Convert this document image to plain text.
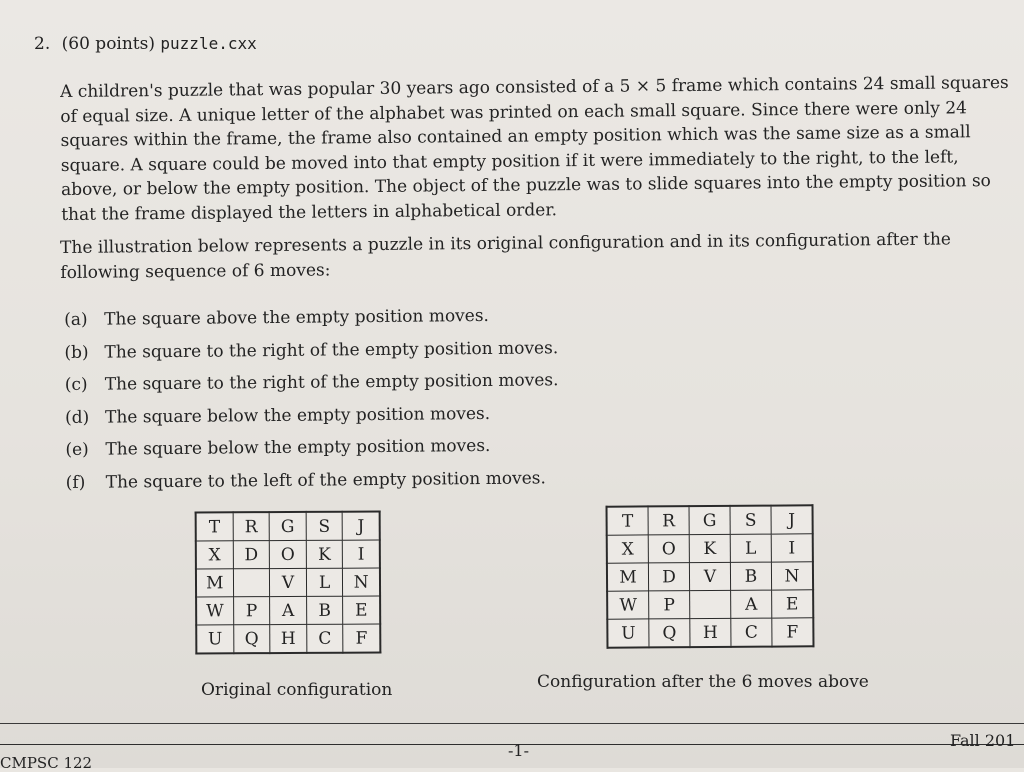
2. (60 points) puzzle.cxx

A children's puzzle that was popular 30 years ago consisted of a 5 × 5 frame which contains 24 small squares of equal size. A unique letter of the alphabet was printed on each small square. Since there were only 24 squares within the frame, the frame also contained an empty position which was the same size as a small square. A square could be moved into that empty position if it were immediately to the right, to the left, above, or below the empty position. The object of the puzzle was to slide squares into the empty position so that the frame displayed the letters in alphabetical order.

The illustration below represents a puzzle in its original configuration and in its configuration after the following sequence of 6 moves:

(a) The square above the empty position moves.
(b) The square to the right of the empty position moves.
(c) The square to the right of the empty position moves.
(d) The square below the empty position moves.
(e) The square below the empty position moves.
(f) The square to the left of the empty position moves.
T	R	G	S	J
X	D	O	K	I
M		V	L	N
W	P	A	B	E
U	Q	H	C	F
T	R	G	S	J
X	O	K	L	I
M	D	V	B	N
W	P		A	E
U	Q	H	C	F
Original configuration	Configuration after the 6 moves above
-1-
Fall 201
CMPSC 122
